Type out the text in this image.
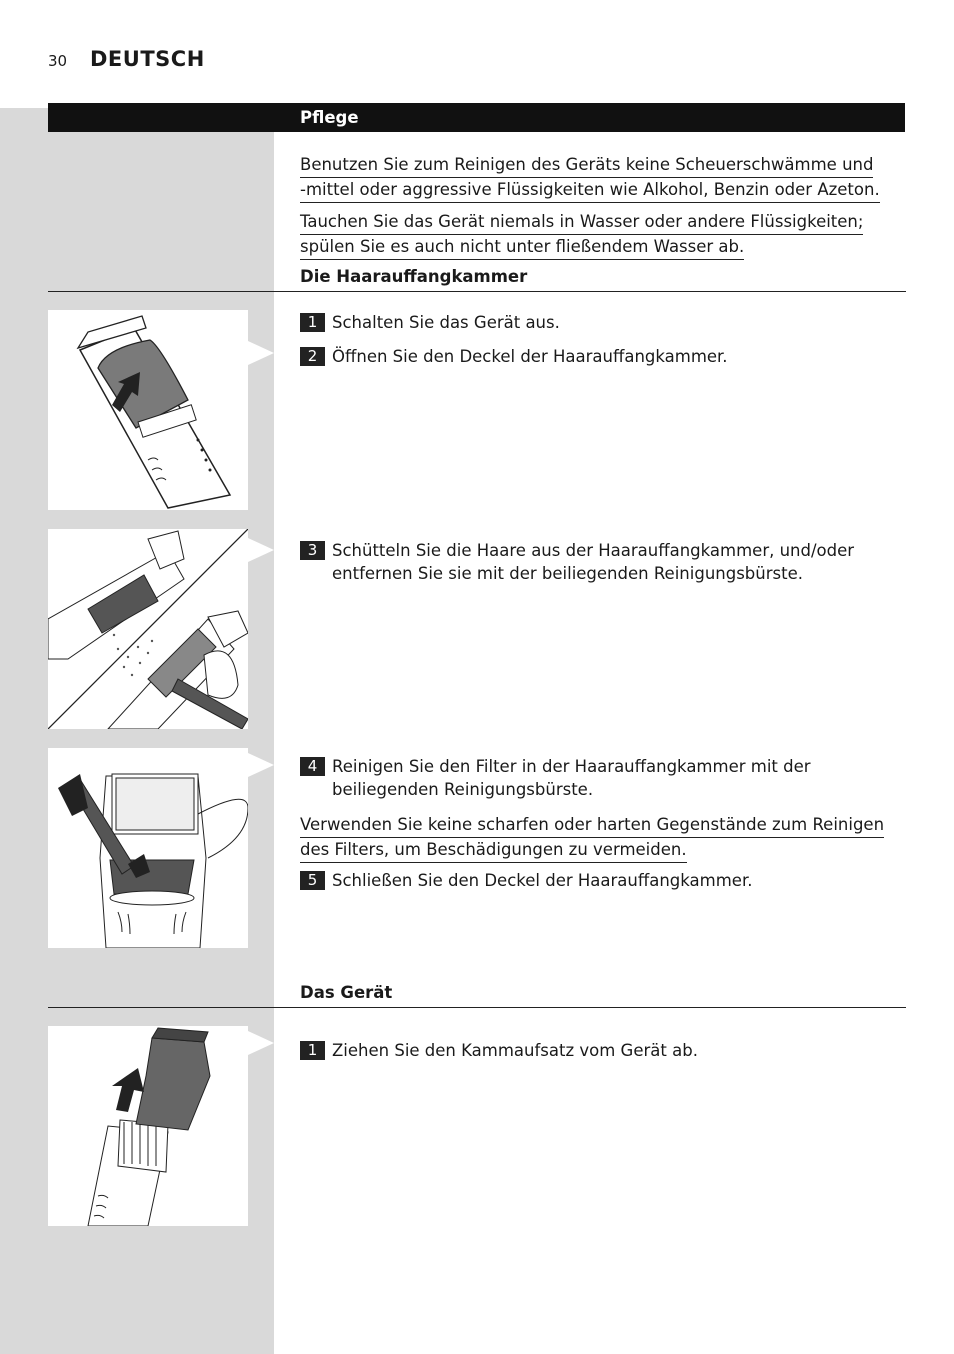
30 DEUTSCH
Pflege
Benutzen Sie zum Reinigen des Geräts keine Scheuerschwämme und
-mittel oder aggressive Flüssigkeiten wie Alkohol, Benzin oder Azeton.
Tauchen Sie das Gerät niemals in Wasser oder andere Flüssigkeiten;
spülen Sie es auch nicht unter fließendem Wasser ab.
Die Haarauffangkammer
1 Schalten Sie das Gerät aus.
2 Öffnen Sie den Deckel der Haarauffangkammer.
3 Schütteln Sie die Haare aus der Haarauffangkammer, und/oder
entfernen Sie sie mit der beiliegenden Reinigungsbürste.
4 Reinigen Sie den Filter in der Haarauffangkammer mit der
beiliegenden Reinigungsbürste.
Verwenden Sie keine scharfen oder harten Gegenstände zum Reinigen
des Filters, um Beschädigungen zu vermeiden.
5 Schließen Sie den Deckel der Haarauffangkammer.
Das Gerät
1 Ziehen Sie den Kammaufsatz vom Gerät ab.
